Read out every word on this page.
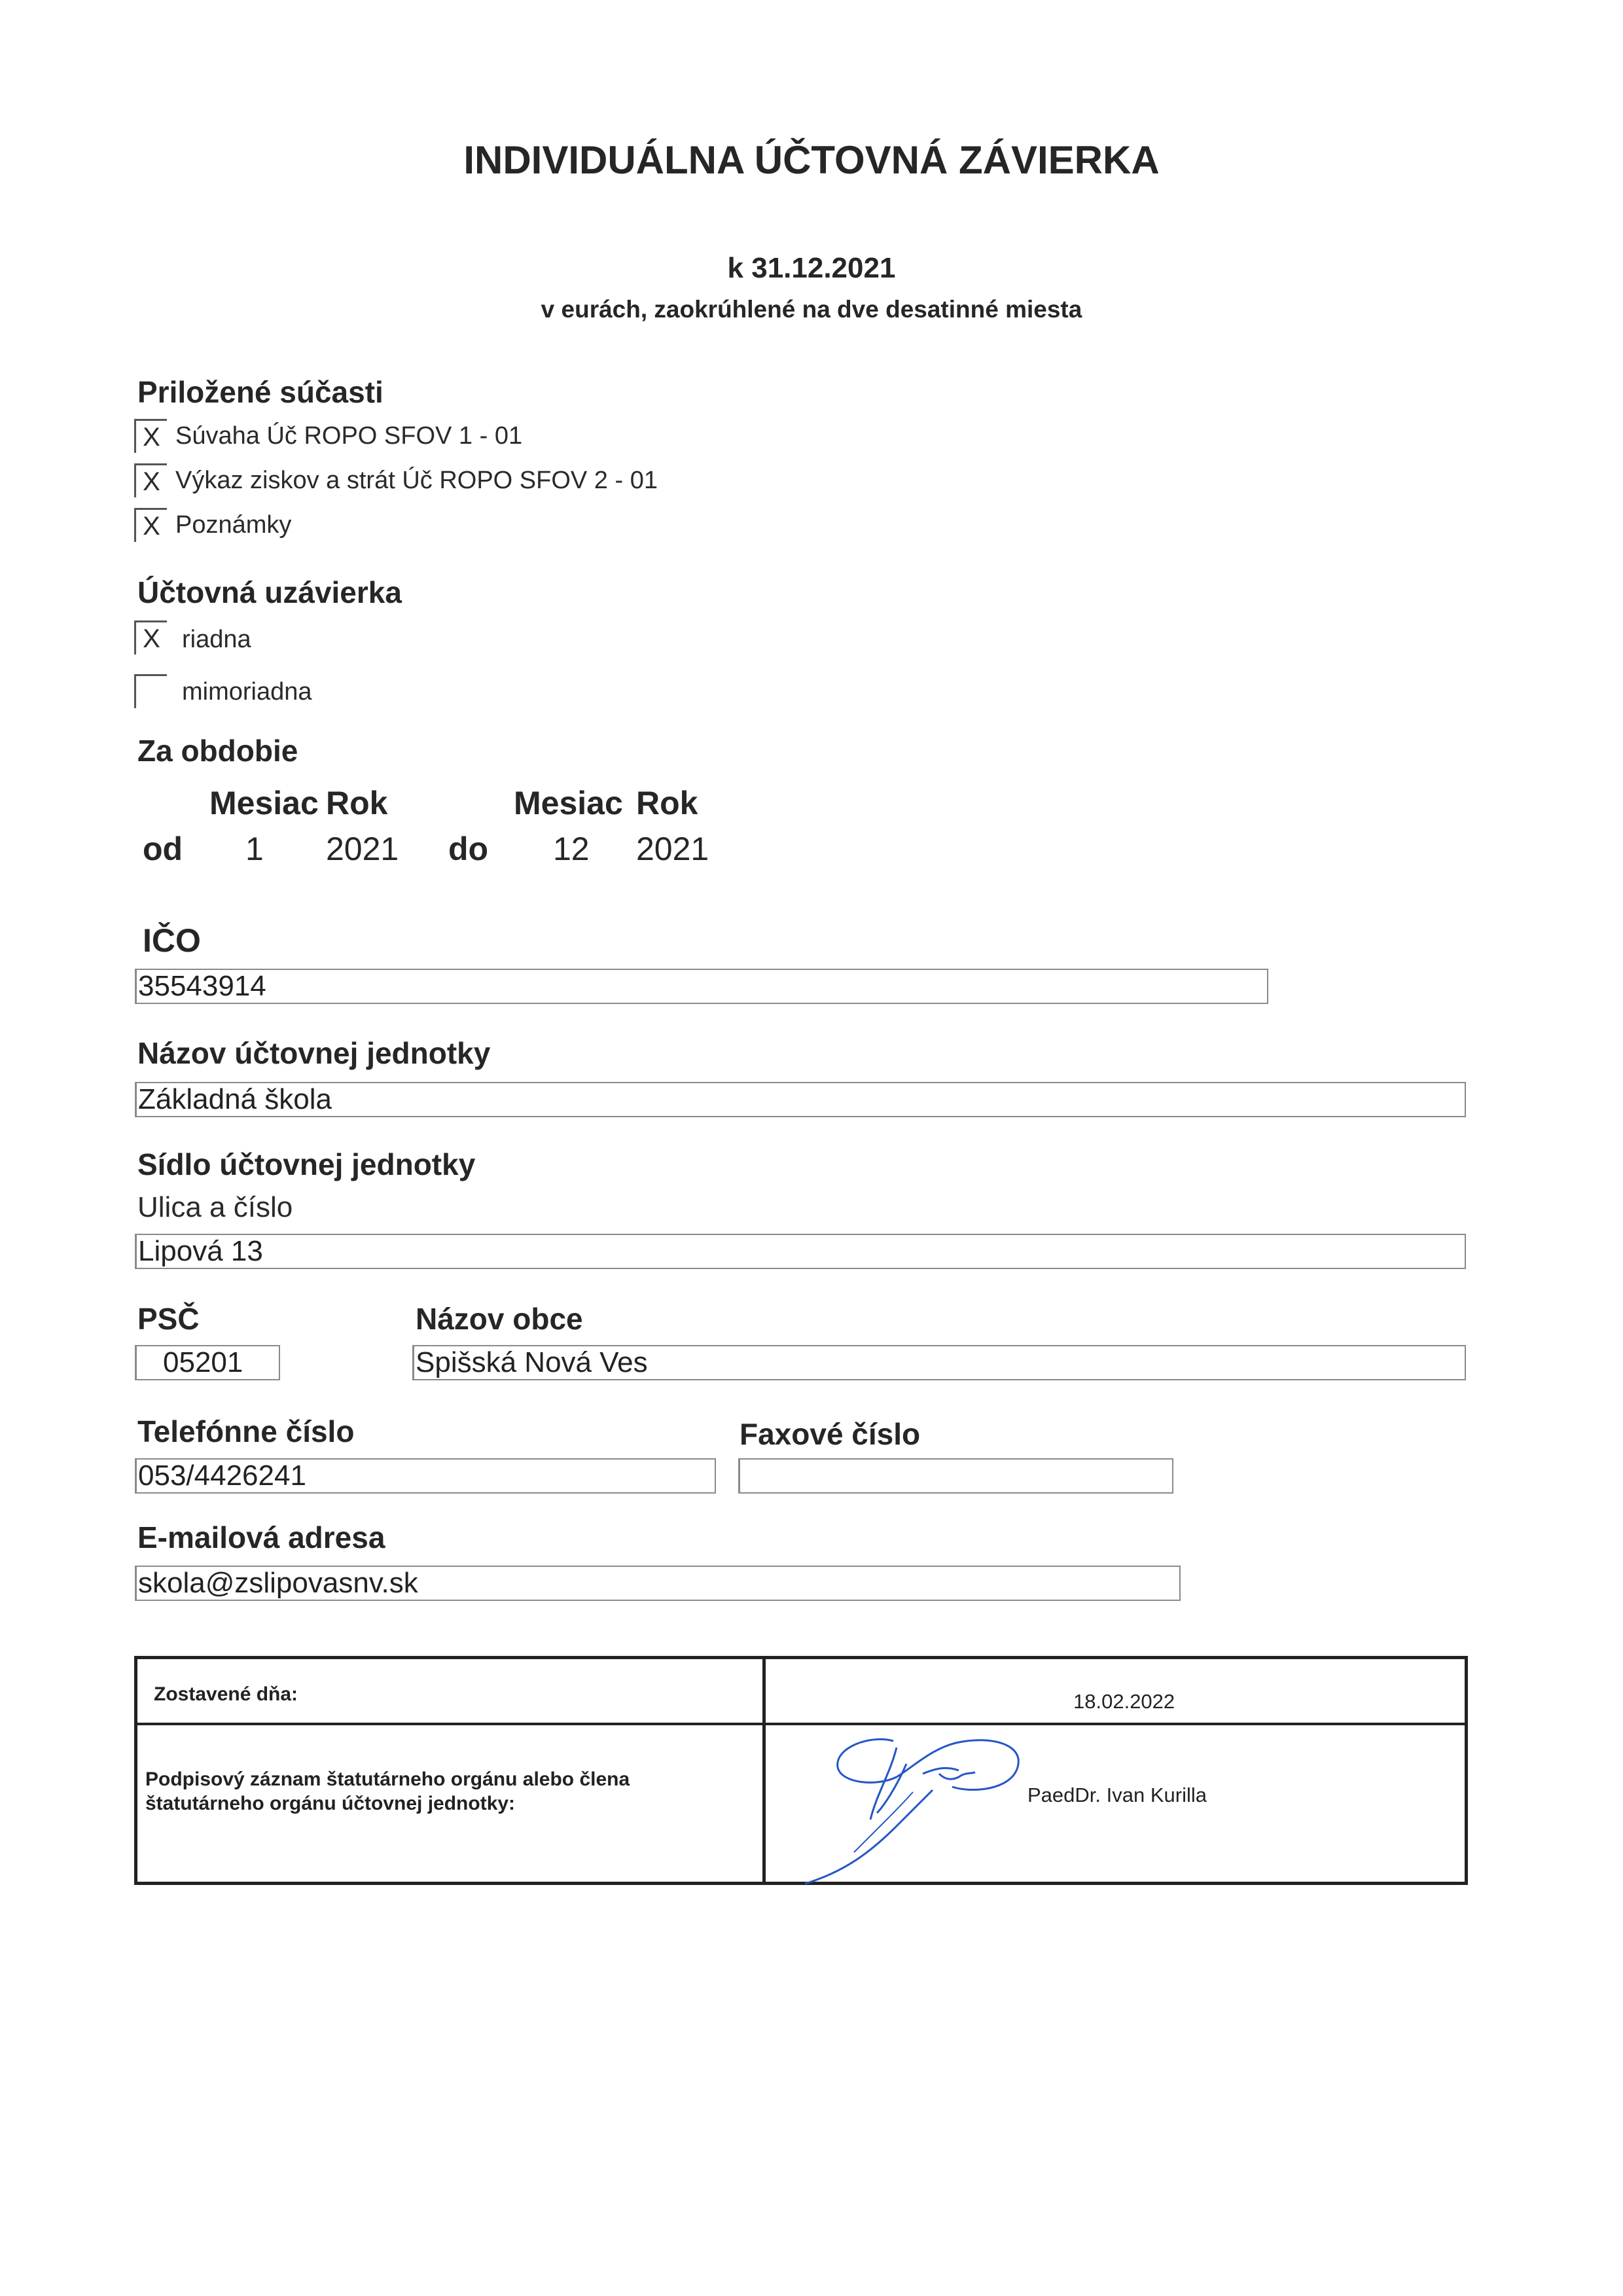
INDIVIDUÁLNA ÚČTOVNÁ ZÁVIERKA
k 31.12.2021
v eurách, zaokrúhlené na dve desatinné miesta
Priložené súčasti
X Súvaha Úč ROPO SFOV 1 - 01
X Výkaz ziskov a strát Úč ROPO SFOV 2 - 01
X Poznámky
Účtovná uzávierka
X riadna
mimoriadna
Za obdobie
Mesiac Rok	Mesiac Rok
od 1 2021 do 12 2021
IČO
35543914
Názov účtovnej jednotky
Základná škola
Sídlo účtovnej jednotky
Ulica a číslo
Lipová 13
PSČ	Názov obce
05201	Spišská Nová Ves
Telefónne číslo	Faxové číslo
053/4426241
E-mailová adresa
skola@zslipovasnv.sk
Zostavené dňa:	18.02.2022
Podpisový záznam štatutárneho orgánu alebo člena štatutárneho orgánu účtovnej jednotky:	PaedDr. Ivan Kurilla
